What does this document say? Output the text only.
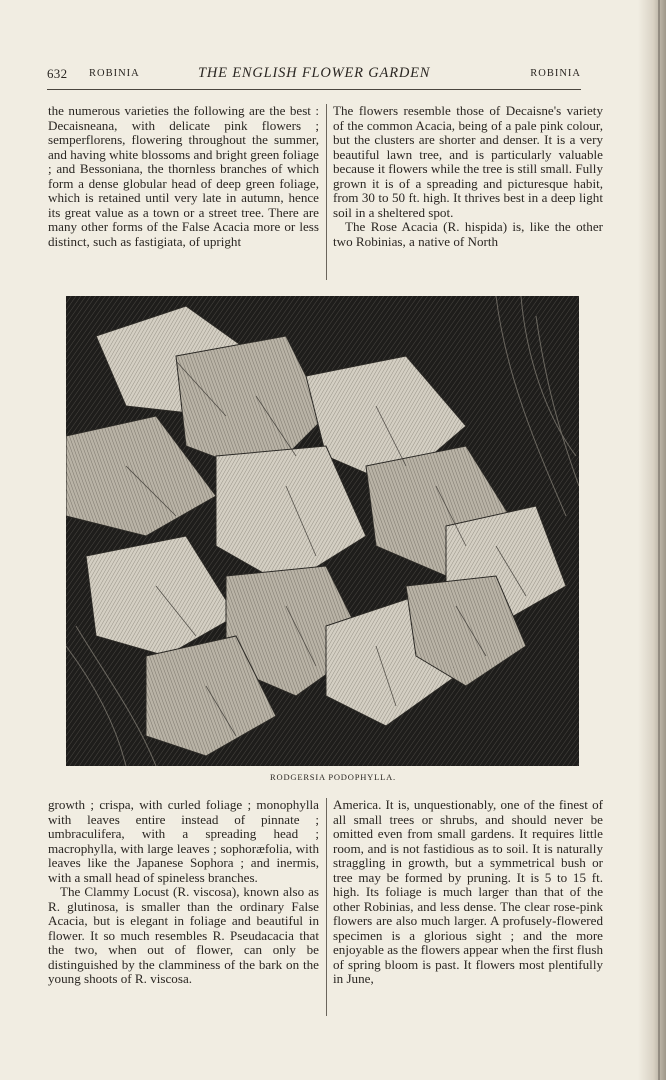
632 ROBINIA	THE ENGLISH FLOWER GARDEN	ROBINIA

the numerous varieties the following are the best : Decaisneana, with delicate pink flowers ; semperflorens, flowering throughout the summer, and having white blossoms and bright green foliage ; and Bessoniana, the thornless branches of which form a dense globular head of deep green foliage, which is retained until very late in autumn, hence its great value as a town or a street tree. There are many other forms of the False Acacia more or less distinct, such as fastigiata, of upright

The flowers resemble those of Decaisne's variety of the common Acacia, being of a pale pink colour, but the clusters are shorter and denser. It is a very beautiful lawn tree, and is particularly valuable because it flowers while the tree is still small. Fully grown it is of a spreading and picturesque habit, from 30 to 50 ft. high. It thrives best in a deep light soil in a sheltered spot.

The Rose Acacia (R. hispida) is, like the other two Robinias, a native of North

RODGERSIA PODOPHYLLA.

growth ; crispa, with curled foliage ; monophylla with leaves entire instead of pinnate ; umbraculifera, with a spreading head ; macrophylla, with large leaves ; sophoræfolia, with leaves like the Japanese Sophora ; and inermis, with a small head of spineless branches.

The Clammy Locust (R. viscosa), known also as R. glutinosa, is smaller than the ordinary False Acacia, but is elegant in foliage and beautiful in flower. It so much resembles R. Pseudacacia that the two, when out of flower, can only be distinguished by the clamminess of the bark on the young shoots of R. viscosa.

America. It is, unquestionably, one of the finest of all small trees or shrubs, and should never be omitted even from small gardens. It requires little room, and is not fastidious as to soil. It is naturally straggling in growth, but a symmetrical bush or tree may be formed by pruning. It is 5 to 15 ft. high. Its foliage is much larger than that of the other Robinias, and less dense. The clear rose-pink flowers are also much larger. A profusely-flowered specimen is a glorious sight ; and the more enjoyable as the flowers appear when the first flush of spring bloom is past. It flowers most plentifully in June,
